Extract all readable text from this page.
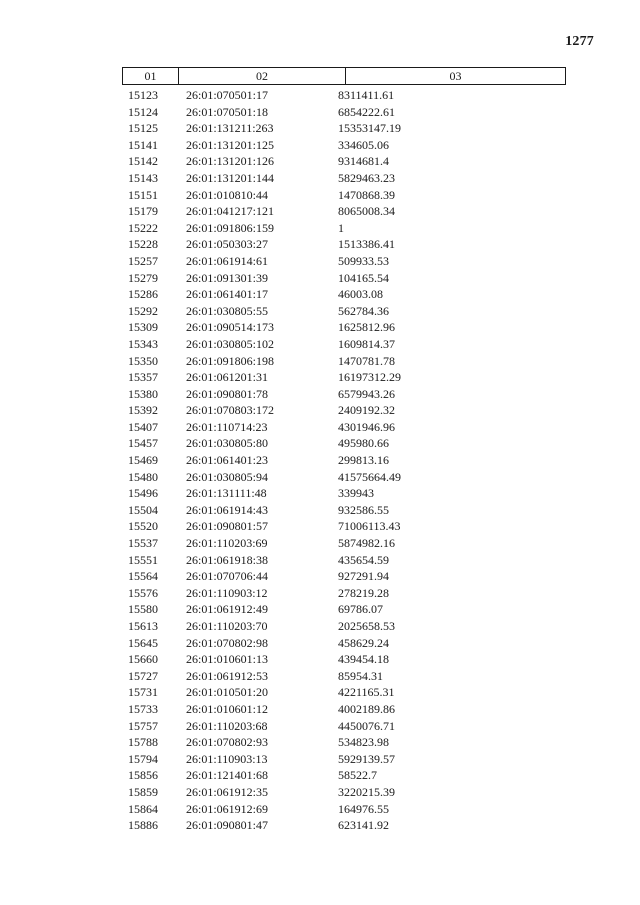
1277
01	02	03
15123 26:01:070501:17	8311411.61
15124 26:01:070501:18	6854222.61
15125 26:01:131211:263	15353147.19
15141 26:01:131201:125	334605.06
15142 26:01:131201:126	9314681.4
15143 26:01:131201:144	5829463.23
15151 26:01:010810:44	1470868.39
15179 26:01:041217:121	8065008.34
15222 26:01:091806:159	1
15228 26:01:050303:27	1513386.41
15257 26:01:061914:61	509933.53
15279 26:01:091301:39	104165.54
15286 26:01:061401:17	46003.08
15292 26:01:030805:55	562784.36
15309 26:01:090514:173	1625812.96
15343 26:01:030805:102	1609814.37
15350 26:01:091806:198	1470781.78
15357 26:01:061201:31	16197312.29
15380 26:01:090801:78	6579943.26
15392 26:01:070803:172	2409192.32
15407 26:01:110714:23	4301946.96
15457 26:01:030805:80	495980.66
15469 26:01:061401:23	299813.16
15480 26:01:030805:94	41575664.49
15496 26:01:131111:48	339943
15504 26:01:061914:43	932586.55
15520 26:01:090801:57	71006113.43
15537 26:01:110203:69	5874982.16
15551 26:01:061918:38	435654.59
15564 26:01:070706:44	927291.94
15576 26:01:110903:12	278219.28
15580 26:01:061912:49	69786.07
15613 26:01:110203:70	2025658.53
15645 26:01:070802:98	458629.24
15660 26:01:010601:13	439454.18
15727 26:01:061912:53	85954.31
15731 26:01:010501:20	4221165.31
15733 26:01:010601:12	4002189.86
15757 26:01:110203:68	4450076.71
15788 26:01:070802:93	534823.98
15794 26:01:110903:13	5929139.57
15856 26:01:121401:68	58522.7
15859 26:01:061912:35	3220215.39
15864 26:01:061912:69	164976.55
15886 26:01:090801:47	623141.92
